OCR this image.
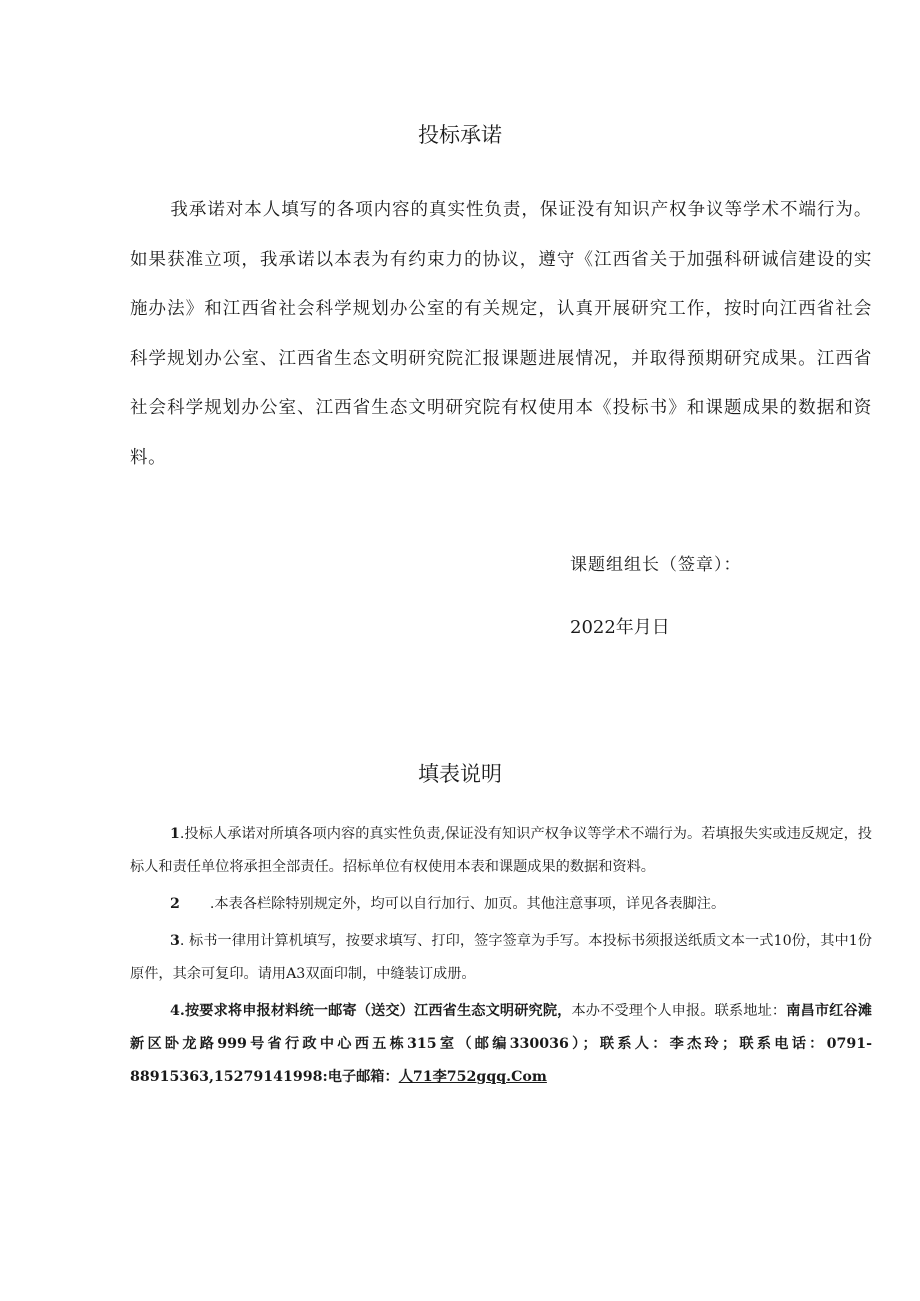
投标承诺

我承诺对本人填写的各项内容的真实性负责，保证没有知识产权争议等学术不端行为。如果获准立项，我承诺以本表为有约束力的协议，遵守《江西省关于加强科研诚信建设的实施办法》和江西省社会科学规划办公室的有关规定，认真开展研究工作，按时向江西省社会科学规划办公室、江西省生态文明研究院汇报课题进展情况，并取得预期研究成果。江西省社会科学规划办公室、江西省生态文明研究院有权使用本《投标书》和课题成果的数据和资料。

课题组组长（签章）：
2022年月日
填表说明

1.投标人承诺对所填各项内容的真实性负责,保证没有知识产权争议等学术不端行为。若填报失实或违反规定，投标人和责任单位将承担全部责任。招标单位有权使用本表和课题成果的数据和资料。

2 .本表各栏除特别规定外，均可以自行加行、加页。其他注意事项，详见各表脚注。

3. 标书一律用计算机填写，按要求填写、打印，签字签章为手写。本投标书须报送纸质文本一式10份，其中1份原件，其余可复印。请用A3双面印制，中缝装订成册。

4.按要求将申报材料统一邮寄（送交）江西省生态文明研究院，本办不受理个人申报。联系地址：南昌市红谷滩新区卧龙路999号省行政中心西五栋315室（邮编330036）；联系人：李杰玲；联系电话：0791-88915363,15279141998:电子邮箱：人71李752gqq.Com
